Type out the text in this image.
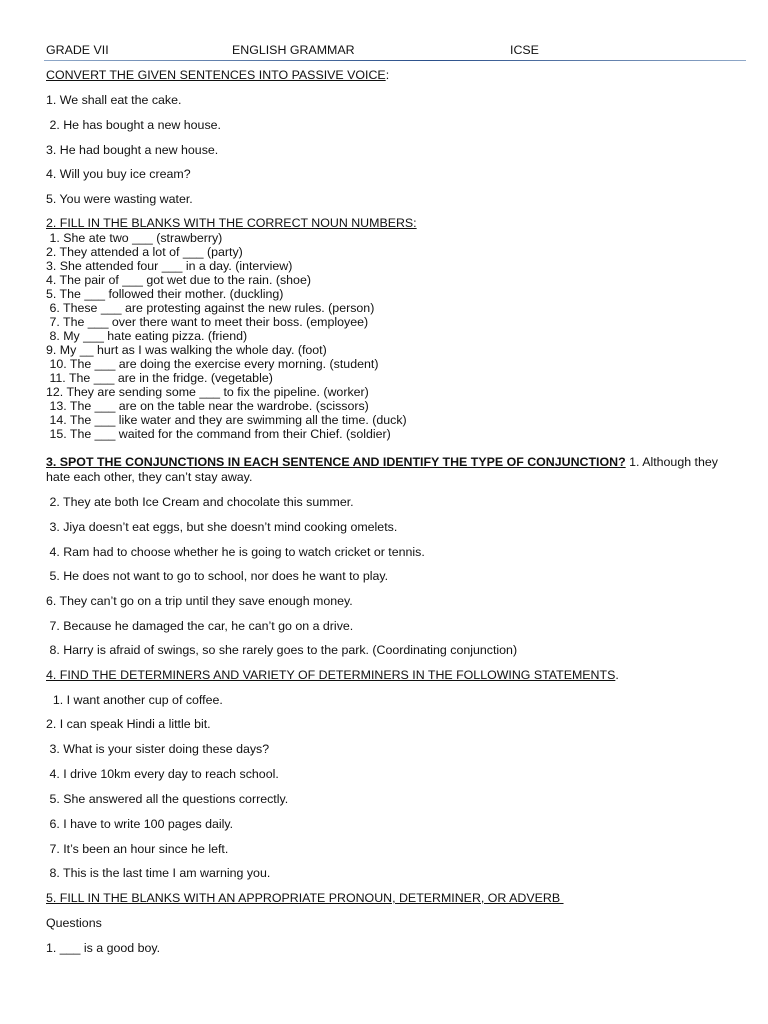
GRADE VII	ENGLISH GRAMMAR	ICSE
CONVERT THE GIVEN SENTENCES INTO PASSIVE VOICE:
1. We shall eat the cake.
2. He has bought a new house.
3. He had bought a new house.
4. Will you buy ice cream?
5. You were wasting water.
2. FILL IN THE BLANKS WITH THE CORRECT NOUN NUMBERS:
1. She ate two ___ (strawberry)
2. They attended a lot of ___ (party)
3. She attended four ___ in a day. (interview)
4. The pair of ___ got wet due to the rain. (shoe)
5. The ___ followed their mother. (duckling)
6. These ___ are protesting against the new rules. (person)
7. The ___ over there want to meet their boss. (employee)
8. My ___ hate eating pizza. (friend)
9. My __ hurt as I was walking the whole day. (foot)
10. The ___ are doing the exercise every morning. (student)
11. The ___ are in the fridge. (vegetable)
12. They are sending some ___ to fix the pipeline. (worker)
13. The ___ are on the table near the wardrobe. (scissors)
14. The ___ like water and they are swimming all the time. (duck)
15. The ___ waited for the command from their Chief. (soldier)
3. SPOT THE CONJUNCTIONS IN EACH SENTENCE AND IDENTIFY THE TYPE OF CONJUNCTION? 1. Although they hate each other, they can’t stay away.
2. They ate both Ice Cream and chocolate this summer.
3. Jiya doesn’t eat eggs, but she doesn’t mind cooking omelets.
4. Ram had to choose whether he is going to watch cricket or tennis.
5. He does not want to go to school, nor does he want to play.
6. They can’t go on a trip until they save enough money.
7. Because he damaged the car, he can’t go on a drive.
8. Harry is afraid of swings, so she rarely goes to the park. (Coordinating conjunction)
4. FIND THE DETERMINERS AND VARIETY OF DETERMINERS IN THE FOLLOWING STATEMENTS.
1. I want another cup of coffee.
2. I can speak Hindi a little bit.
3. What is your sister doing these days?
4. I drive 10km every day to reach school.
5. She answered all the questions correctly.
6. I have to write 100 pages daily.
7. It’s been an hour since he left.
8. This is the last time I am warning you.
5. FILL IN THE BLANKS WITH AN APPROPRIATE PRONOUN, DETERMINER, OR ADVERB
Questions
1. ___ is a good boy.
